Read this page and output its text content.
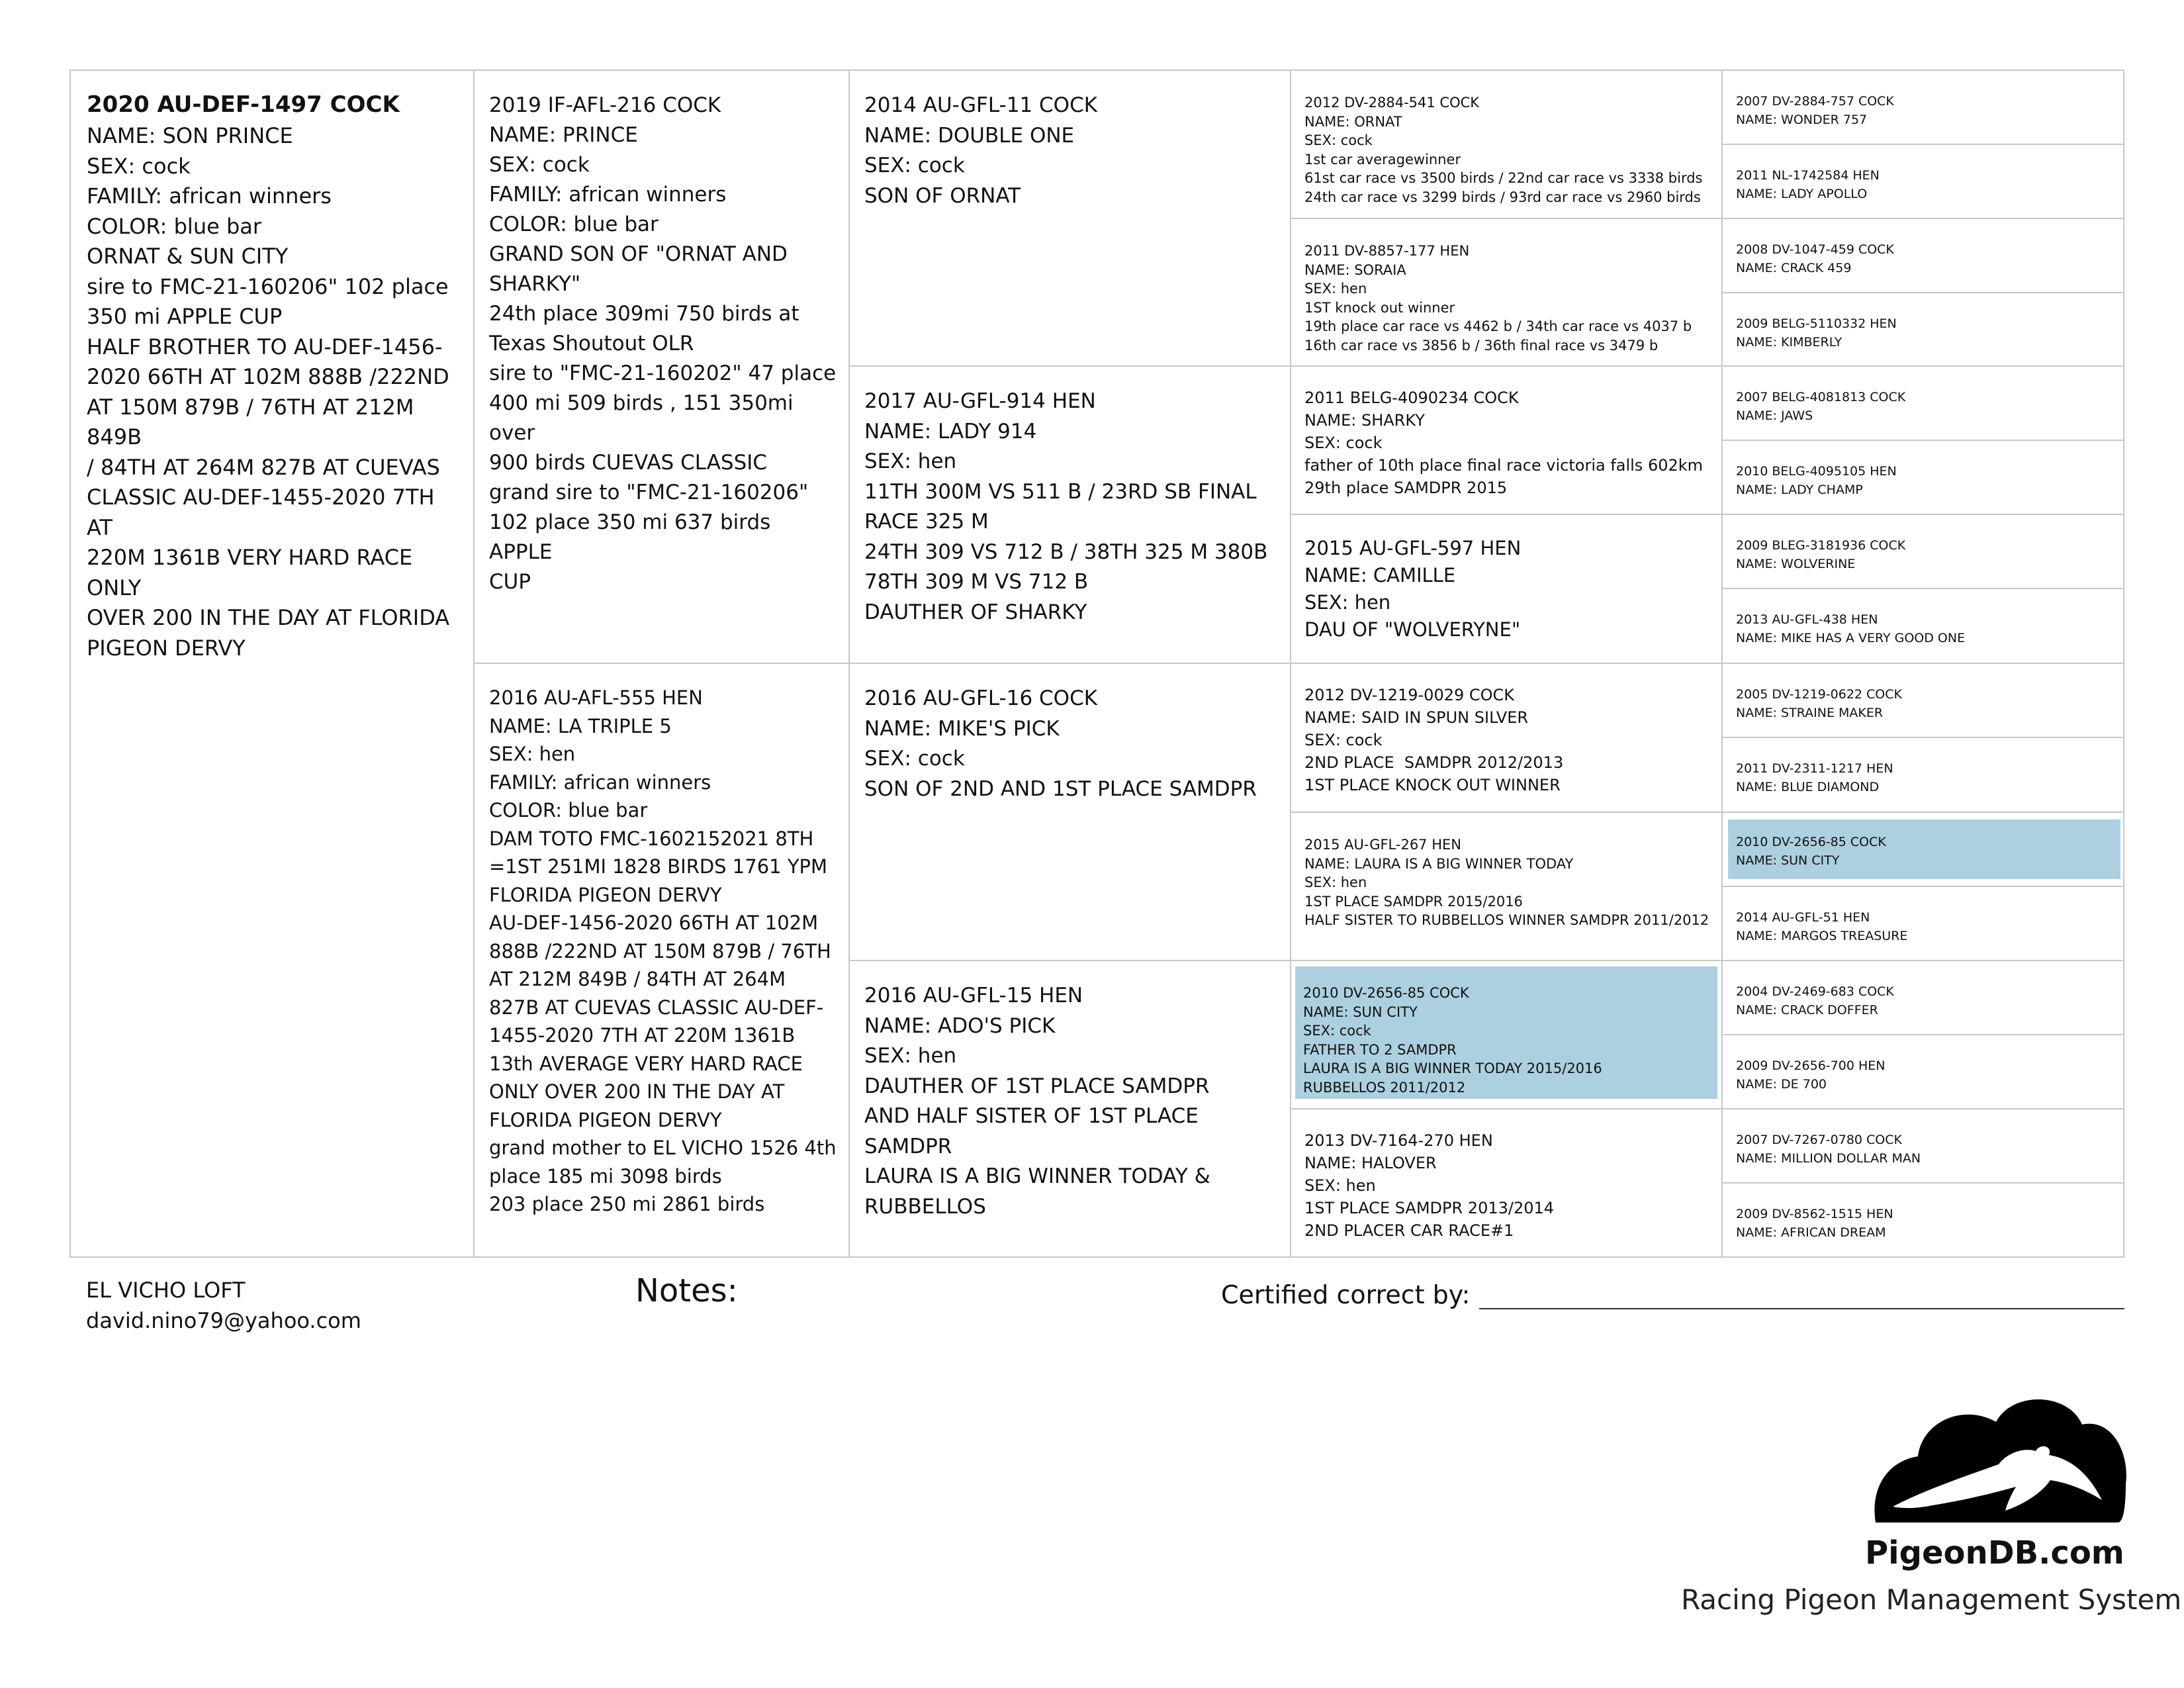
2020 AU-DEF-1497 COCK
NAME: SON PRINCE
SEX: cock
FAMILY: african winners
COLOR: blue bar
ORNAT & SUN CITY
sire to FMC-21-160206" 102 place
350 mi APPLE CUP
HALF BROTHER TO AU-DEF-1456-
2020 66TH AT 102M 888B /222ND
AT 150M 879B / 76TH AT 212M 849B
/ 84TH AT 264M 827B AT CUEVAS
CLASSIC AU-DEF-1455-2020 7TH AT
220M 1361B VERY HARD RACE ONLY
OVER 200 IN THE DAY AT FLORIDA
PIGEON DERVY
2019 IF-AFL-216 COCK
NAME: PRINCE
SEX: cock
FAMILY: african winners
COLOR: blue bar
GRAND SON OF "ORNAT AND
SHARKY"
24th place 309mi 750 birds at
Texas Shoutout OLR
sire to "FMC-21-160202" 47 place
400 mi 509 birds , 151 350mi over
900 birds CUEVAS CLASSIC
grand sire to "FMC-21-160206"
102 place 350 mi 637 birds APPLE
CUP
2016 AU-AFL-555 HEN
NAME: LA TRIPLE 5
SEX: hen
FAMILY: african winners
COLOR: blue bar
DAM TOTO FMC-1602152021 8TH
=1ST 251MI 1828 BIRDS 1761 YPM
FLORIDA PIGEON DERVY
AU-DEF-1456-2020 66TH AT 102M
888B /222ND AT 150M 879B / 76TH
AT 212M 849B / 84TH AT 264M
827B AT CUEVAS CLASSIC AU-DEF-
1455-2020 7TH AT 220M 1361B
13th AVERAGE VERY HARD RACE
ONLY OVER 200 IN THE DAY AT
FLORIDA PIGEON DERVY
grand mother to EL VICHO 1526 4th
place 185 mi 3098 birds
203 place 250 mi 2861 birds
2014 AU-GFL-11 COCK
NAME: DOUBLE ONE
SEX: cock
SON OF ORNAT
2017 AU-GFL-914 HEN
NAME: LADY 914
SEX: hen
11TH 300M VS 511 B / 23RD SB FINAL
RACE 325 M
24TH 309 VS 712 B / 38TH 325 M 380B
78TH 309 M VS 712 B
DAUTHER OF SHARKY
2016 AU-GFL-16 COCK
NAME: MIKE'S PICK
SEX: cock
SON OF 2ND AND 1ST PLACE SAMDPR
2016 AU-GFL-15 HEN
NAME: ADO'S PICK
SEX: hen
DAUTHER OF 1ST PLACE SAMDPR
AND HALF SISTER OF 1ST PLACE
SAMDPR
LAURA IS A BIG WINNER TODAY &
RUBBELLOS
2012 DV-2884-541 COCK
NAME: ORNAT
SEX: cock
1st car averagewinner
61st car race vs 3500 birds / 22nd car race vs 3338 birds
24th car race vs 3299 birds / 93rd car race vs 2960 birds
2011 DV-8857-177 HEN
NAME: SORAIA
SEX: hen
1ST knock out winner
19th place car race vs 4462 b / 34th car race vs 4037 b
16th car race vs 3856 b / 36th final race vs 3479 b
2011 BELG-4090234 COCK
NAME: SHARKY
SEX: cock
father of 10th place final race victoria falls 602km
29th place SAMDPR 2015
2015 AU-GFL-597 HEN
NAME: CAMILLE
SEX: hen
DAU OF "WOLVERYNE"
2012 DV-1219-0029 COCK
NAME: SAID IN SPUN SILVER
SEX: cock
2ND PLACE  SAMDPR 2012/2013
1ST PLACE KNOCK OUT WINNER
2015 AU-GFL-267 HEN
NAME: LAURA IS A BIG WINNER TODAY
SEX: hen
1ST PLACE SAMDPR 2015/2016
HALF SISTER TO RUBBELLOS WINNER SAMDPR 2011/2012
2010 DV-2656-85 COCK
NAME: SUN CITY
SEX: cock
FATHER TO 2 SAMDPR
LAURA IS A BIG WINNER TODAY 2015/2016
RUBBELLOS 2011/2012
2013 DV-7164-270 HEN
NAME: HALOVER
SEX: hen
1ST PLACE SAMDPR 2013/2014
2ND PLACER CAR RACE#1
2007 DV-2884-757 COCK
NAME: WONDER 757
2011 NL-1742584 HEN
NAME: LADY APOLLO
2008 DV-1047-459 COCK
NAME: CRACK 459
2009 BELG-5110332 HEN
NAME: KIMBERLY
2007 BELG-4081813 COCK
NAME: JAWS
2010 BELG-4095105 HEN
NAME: LADY CHAMP
2009 BLEG-3181936 COCK
NAME: WOLVERINE
2013 AU-GFL-438 HEN
NAME: MIKE HAS A VERY GOOD ONE
2005 DV-1219-0622 COCK
NAME: STRAINE MAKER
2011 DV-2311-1217 HEN
NAME: BLUE DIAMOND
2010 DV-2656-85 COCK
NAME: SUN CITY
2014 AU-GFL-51 HEN
NAME: MARGOS TREASURE
2004 DV-2469-683 COCK
NAME: CRACK DOFFER
2009 DV-2656-700 HEN
NAME: DE 700
2007 DV-7267-0780 COCK
NAME: MILLION DOLLAR MAN
2009 DV-8562-1515 HEN
NAME: AFRICAN DREAM
EL VICHO LOFT
david.nino79@yahoo.com
Notes:	Certified correct by:
PigeonDB.com
Racing Pigeon Management System
